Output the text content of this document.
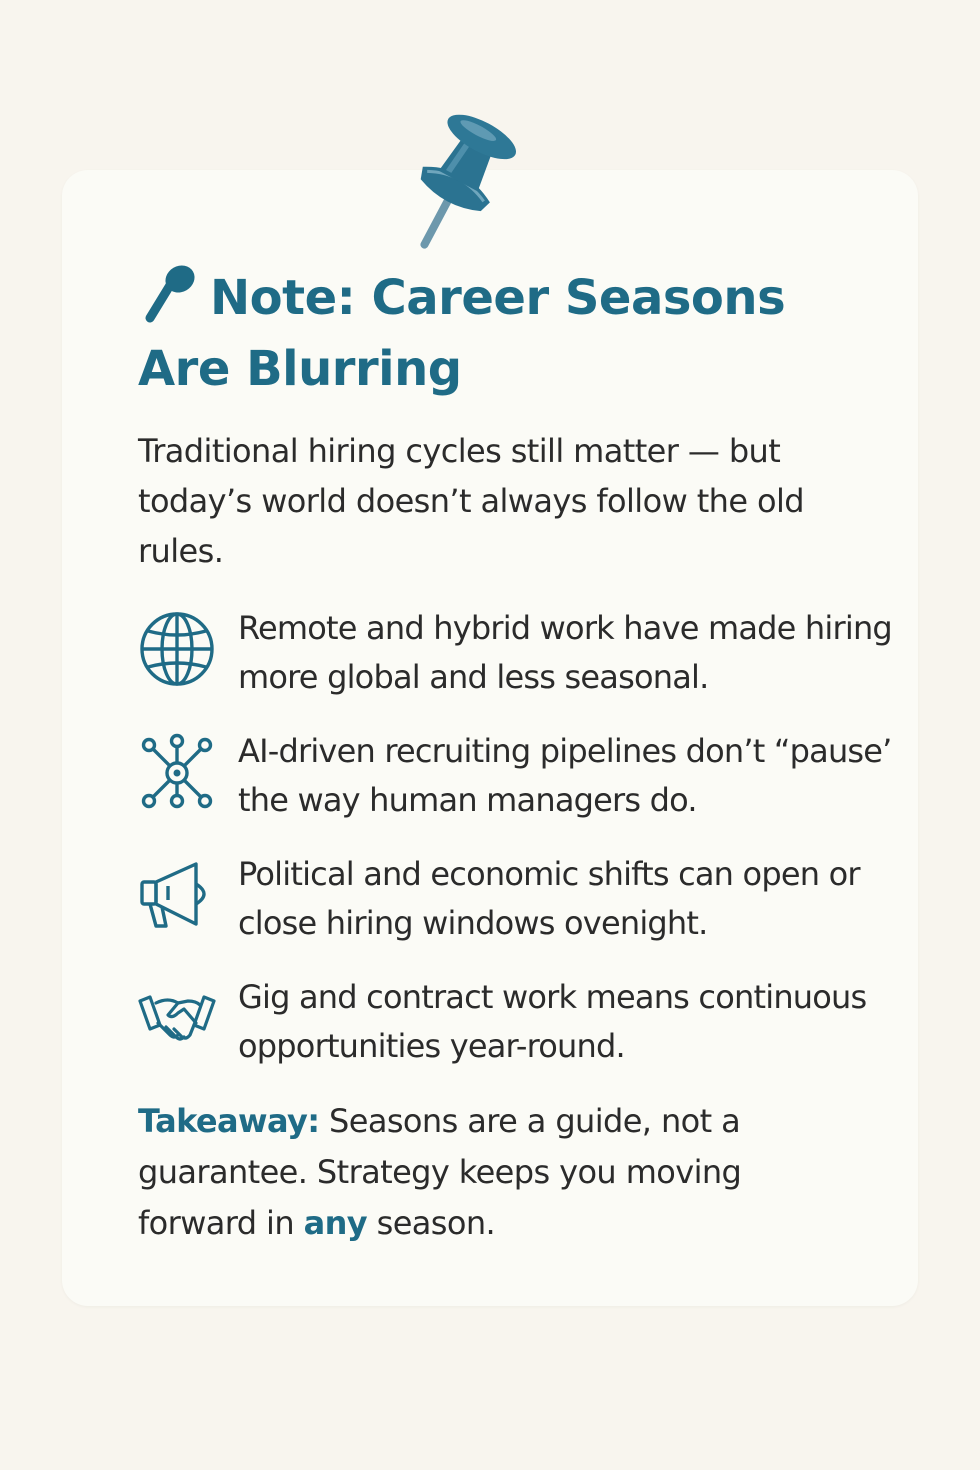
Note: Career Seasons Are Blurring

Traditional hiring cycles still matter — but today’s world doesn’t always follow the old rules.

Remote and hybrid work have made hiring more global and less seasonal.

AI-driven recruiting pipelines don’t “pause’ the way human managers do.

Political and economic shifts can open or close hiring windows ovenight.

Gig and contract work means continuous opportunities year-round.

Takeaway: Seasons are a guide, not a guarantee. Strategy keeps you moving forward in any season.
